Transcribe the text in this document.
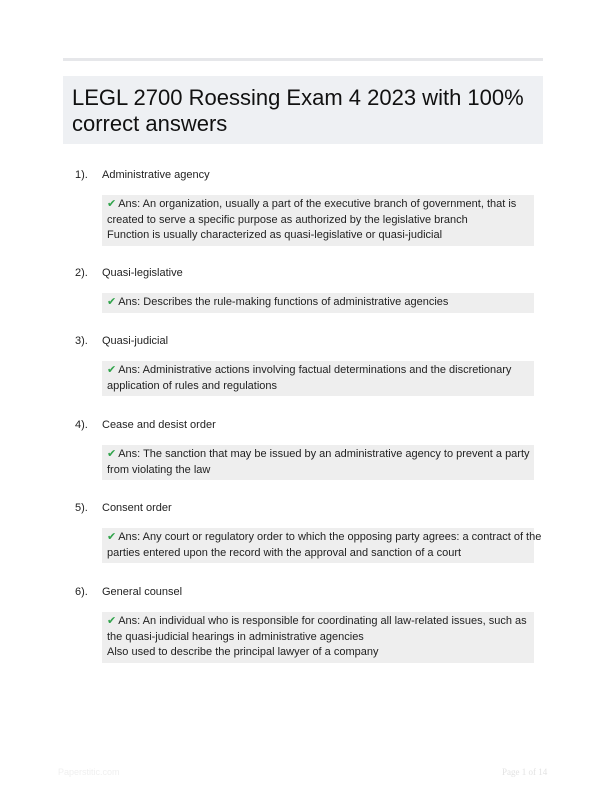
LEGL 2700 Roessing Exam 4 2023 with 100% correct answers
1). Administrative agency
✔ Ans: An organization, usually a part of the executive branch of government, that is
created to serve a specific purpose as authorized by the legislative branch
Function is usually characterized as quasi-legislative or quasi-judicial
2). Quasi-legislative
✔ Ans: Describes the rule-making functions of administrative agencies
3). Quasi-judicial
✔ Ans: Administrative actions involving factual determinations and the discretionary
application of rules and regulations
4). Cease and desist order
✔ Ans: The sanction that may be issued by an administrative agency to prevent a party
from violating the law
5). Consent order
✔ Ans: Any court or regulatory order to which the opposing party agrees: a contract of the
parties entered upon the record with the approval and sanction of a court
6). General counsel
✔ Ans: An individual who is responsible for coordinating all law-related issues, such as
the quasi-judicial hearings in administrative agencies
Also used to describe the principal lawyer of a company
Paperstitic.com	Page 1 of 14
